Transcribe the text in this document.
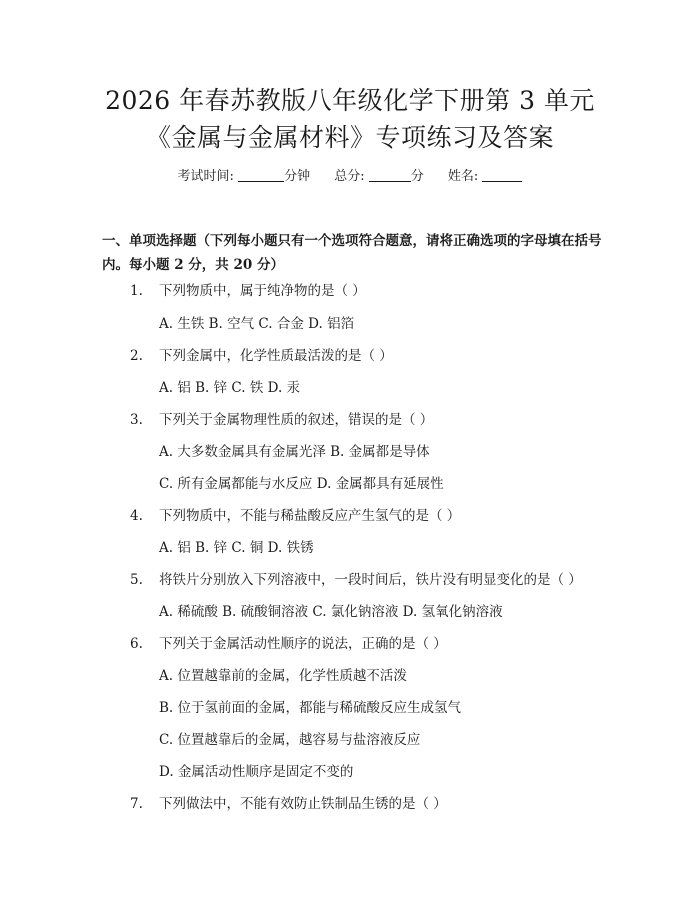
2026 年春苏教版八年级化学下册第 3 单元
《金属与金属材料》专项练习及答案
考试时间:	分钟 总分:	分 姓名:
一、单项选择题（下列每小题只有一个选项符合题意，请将正确选项的字母填在括号内。每小题 2 分，共 20 分）
1. 下列物质中，属于纯净物的是（ ）
A. 生铁 B. 空气 C. 合金 D. 铝箔
2. 下列金属中，化学性质最活泼的是（ ）
A. 铝 B. 锌 C. 铁 D. 汞
3. 下列关于金属物理性质的叙述，错误的是（ ）
A. 大多数金属具有金属光泽 B. 金属都是导体
C. 所有金属都能与水反应 D. 金属都具有延展性
4. 下列物质中，不能与稀盐酸反应产生氢气的是（ ）
A. 铝 B. 锌 C. 铜 D. 铁锈
5. 将铁片分别放入下列溶液中，一段时间后，铁片没有明显变化的是（ ）
A. 稀硫酸 B. 硫酸铜溶液 C. 氯化钠溶液 D. 氢氧化钠溶液
6. 下列关于金属活动性顺序的说法，正确的是（ ）
A. 位置越靠前的金属，化学性质越不活泼
B. 位于氢前面的金属，都能与稀硫酸反应生成氢气
C. 位置越靠后的金属，越容易与盐溶液反应
D. 金属活动性顺序是固定不变的
7. 下列做法中，不能有效防止铁制品生锈的是（ ）
